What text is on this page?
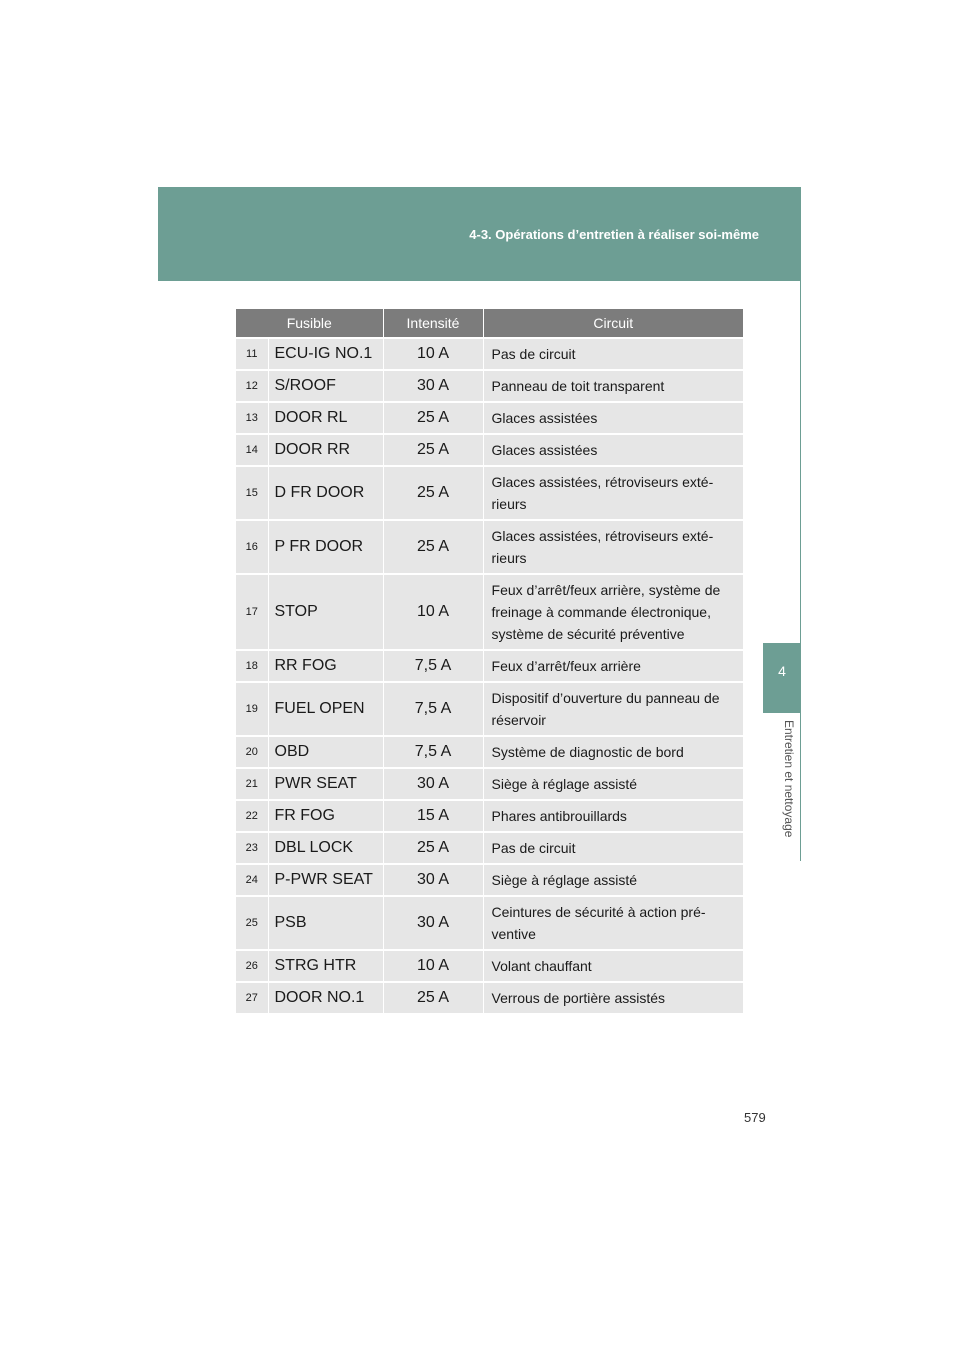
4-3. Opérations d’entretien à réaliser soi-même
4
Entretien et nettoyage
Fusible		Intensité	Circuit
11	ECU-IG NO.1	10 A	Pas de circuit
12	S/ROOF	30 A	Panneau de toit transparent
13	DOOR RL	25 A	Glaces assistées
14	DOOR RR	25 A	Glaces assistées
15	D FR DOOR	25 A	Glaces assistées, rétroviseurs exté-
rieurs
16	P FR DOOR	25 A	Glaces assistées, rétroviseurs exté-
rieurs
17	STOP	10 A	Feux d’arrêt/feux arrière, système de
freinage à commande électronique,
système de sécurité préventive
18	RR FOG	7,5 A	Feux d’arrêt/feux arrière
19	FUEL OPEN	7,5 A	Dispositif d’ouverture du panneau de
réservoir
20	OBD	7,5 A	Système de diagnostic de bord
21	PWR SEAT	30 A	Siège à réglage assisté
22	FR FOG	15 A	Phares antibrouillards
23	DBL LOCK	25 A	Pas de circuit
24	P-PWR SEAT	30 A	Siège à réglage assisté
25	PSB	30 A	Ceintures de sécurité à action pré-
ventive
26	STRG HTR	10 A	Volant chauffant
27	DOOR NO.1	25 A	Verrous de portière assistés
579
